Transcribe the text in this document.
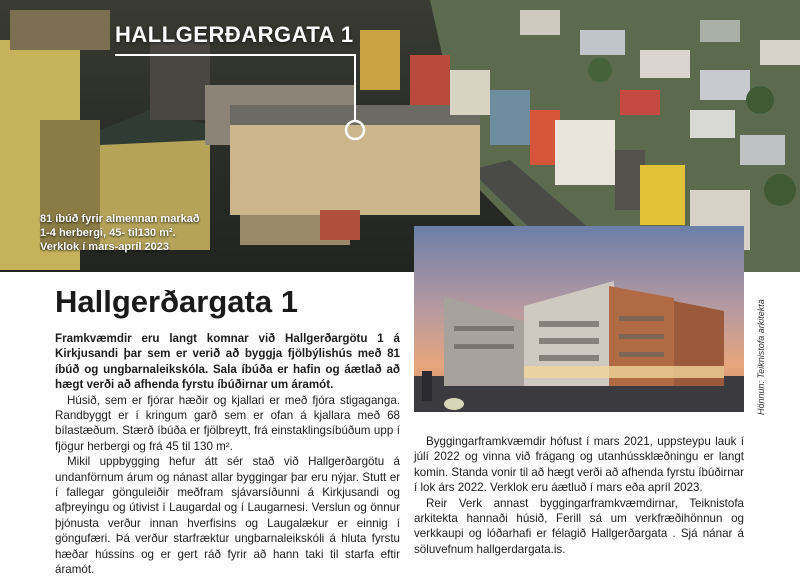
HALLGERÐARGATA 1
81 íbúð fyrir almennan markað
1-4 herbergi, 45- til130 m².
Verklok í mars-apríl 2023
Hallgerðargata 1

Framkvæmdir eru langt komnar við Hallgerðargötu 1 á Kirkjusandi þar sem er verið að byggja fjölbýlishús með 81 íbúð og ungbarnaleikskóla. Sala íbúða er hafin og áætlað að hægt verði að afhenda fyrstu íbúðirnar um áramót.

Húsið, sem er fjórar hæðir og kjallari er með fjóra stigaganga. Randbyggt er í kringum garð sem er ofan á kjallara með 68 bílastæðum. Stærð íbúða er fjölbreytt, frá einstaklingsíbúðum upp í fjögur herbergi og frá 45 til 130 m².

Mikil uppbygging hefur átt sér stað við Hallgerðargötu á undanförnum árum og nánast allar byggingar þar eru nýjar. Stutt er í fallegar gönguleiðir meðfram sjávarsíðunni á Kirkjusandi og afþreyingu og útivist í Laugardal og í Laugarnesi. Verslun og önnur þjónusta verður innan hverfisins og Laugalækur er einnig í göngufæri. Þá verður starfræktur ungbarnaleikskóli á hluta fyrstu hæðar hússins og er gert ráð fyrir að hann taki til starfa eftir áramót.

Hönnun: Teiknistofa arkitekta

Byggingarframkvæmdir hófust í mars 2021, uppsteypu lauk í júlí 2022 og vinna við frágang og utanhússklæðningu er langt komin. Standa vonir til að hægt verði að afhenda fyrstu íbúðirnar í lok árs 2022. Verklok eru áætluð í mars eða apríl 2023.

Reir Verk annast byggingarframkvæmdirnar, Teiknistofa arkitekta hannaði húsið, Ferill sá um verkfræðihönnun og verkkaupi og lóðarhafi er félagið Hallgerðargata . Sjá nánar á söluvefnum hallgerdargata.is.
